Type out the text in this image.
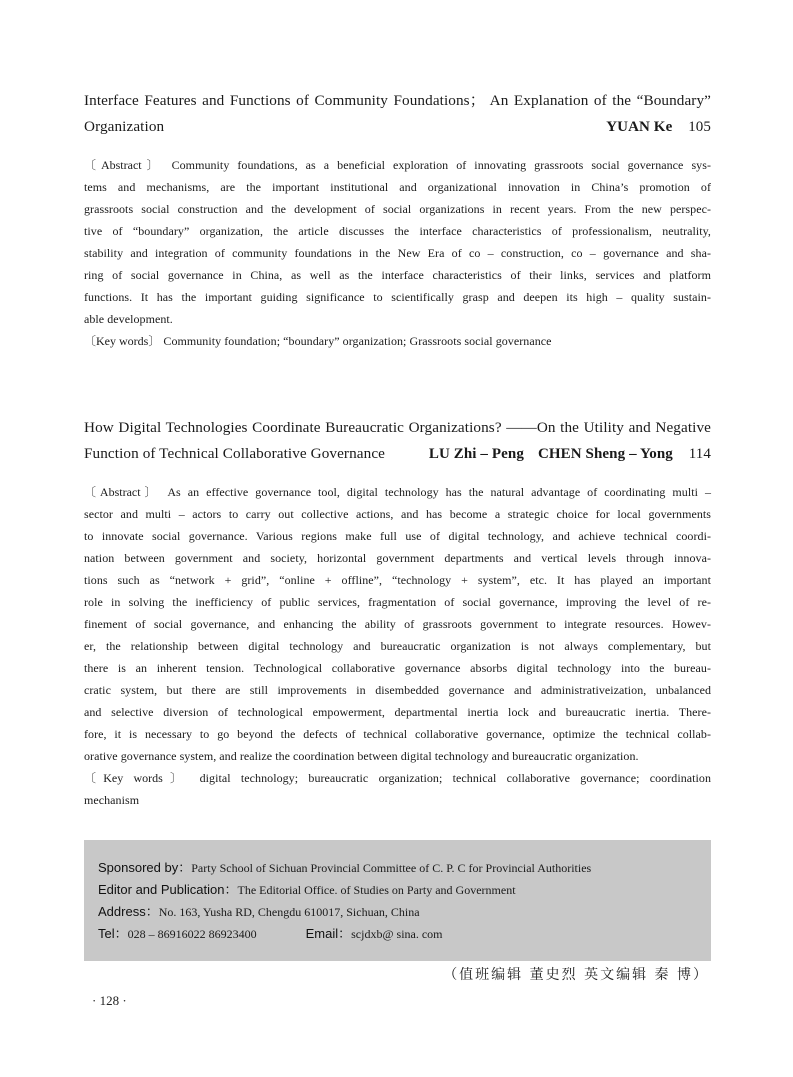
Interface Features and Functions of Community Foundations； An Explanation of the “Boundary”
Organization	YUAN Ke 105
〔Abstract〕 Community foundations, as a beneficial exploration of innovating grassroots social governance sys-
tems and mechanisms, are the important institutional and organizational innovation in China’s promotion of
grassroots social construction and the development of social organizations in recent years. From the new perspec-
tive of “boundary” organization, the article discusses the interface characteristics of professionalism, neutrality,
stability and integration of community foundations in the New Era of co – construction, co – governance and sha-
ring of social governance in China, as well as the interface characteristics of their links, services and platform
functions. It has the important guiding significance to scientifically grasp and deepen its high – quality sustain-
able development.
〔Key words〕 Community foundation; “boundary” organization; Grassroots social governance
How Digital Technologies Coordinate Bureaucratic Organizations? ——On the Utility and Negative
Function of Technical Collaborative Governance	LU Zhi – Peng CHEN Sheng – Yong 114
〔Abstract〕 As an effective governance tool, digital technology has the natural advantage of coordinating multi –
sector and multi – actors to carry out collective actions, and has become a strategic choice for local governments
to innovate social governance. Various regions make full use of digital technology, and achieve technical coordi-
nation between government and society, horizontal government departments and vertical levels through innova-
tions such as “network + grid”, “online + offline”, “technology + system”, etc. It has played an important
role in solving the inefficiency of public services, fragmentation of social governance, improving the level of re-
finement of social governance, and enhancing the ability of grassroots government to integrate resources. Howev-
er, the relationship between digital technology and bureaucratic organization is not always complementary, but
there is an inherent tension. Technological collaborative governance absorbs digital technology into the bureau-
cratic system, but there are still improvements in disembedded governance and administrativeization, unbalanced
and selective diversion of technological empowerment, departmental inertia lock and bureaucratic inertia. There-
fore, it is necessary to go beyond the defects of technical collaborative governance, optimize the technical collab-
orative governance system, and realize the coordination between digital technology and bureaucratic organization.
〔Key words〕 digital technology; bureaucratic organization; technical collaborative governance; coordination
mechanism
Sponsored by：Party School of Sichuan Provincial Committee of C. P. C for Provincial Authorities
Editor and Publication：The Editorial Office. of Studies on Party and Government
Address：No. 163, Yusha RD, Chengdu 610017, Sichuan, China
Tel：028 – 86916022 86923400	Email：scjdxb@ sina. com
（值班编辑 董史烈 英文编辑 秦 博）
· 128 ·
